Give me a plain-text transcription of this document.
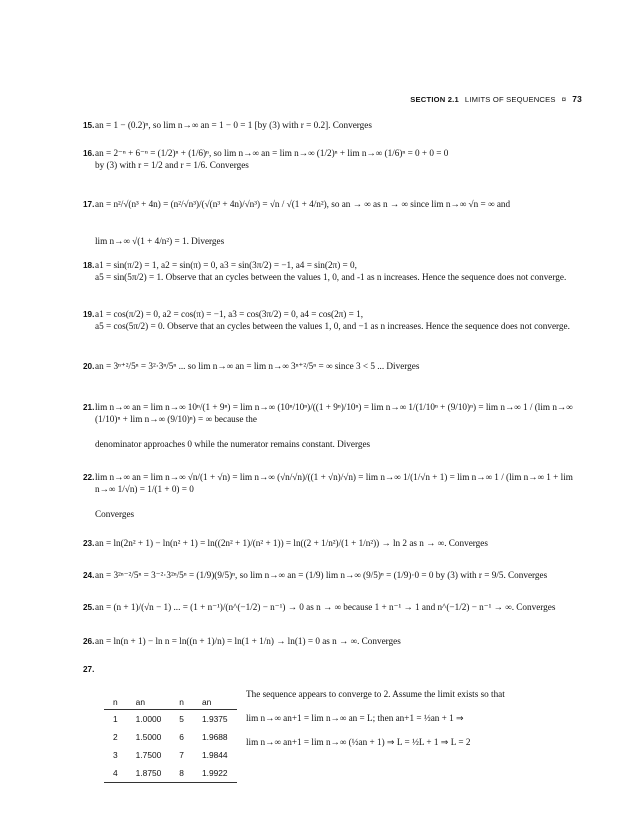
SECTION 2.1 LIMITS OF SEQUENCES ¤ 73
15. an = 1 − (0.2)ⁿ, so lim n→∞ an = 1 − 0 = 1 [by (3) with r = 0.2]. Converges
16. an = 2⁻ⁿ + 6⁻ⁿ = (1/2)ⁿ + (1/6)ⁿ, so lim n→∞ an = lim n→∞ (1/2)ⁿ + lim n→∞ (1/6)ⁿ = 0 + 0 = 0
by (3) with r = 1/2 and r = 1/6. Converges
17. an = n²/√(n³ + 4n) = (n²/√n³)/(√(n³ + 4n)/√n³) = √n / √(1 + 4/n²), so an → ∞ as n → ∞ since lim n→∞ √n = ∞ and
lim n→∞ √(1 + 4/n²) = 1. Diverges
18. a1 = sin(π/2) = 1, a2 = sin(π) = 0, a3 = sin(3π/2) = −1, a4 = sin(2π) = 0,
a5 = sin(5π/2) = 1. Observe that an cycles between the values 1, 0, and -1 as n increases. Hence the sequence does not converge.
19. a1 = cos(π/2) = 0, a2 = cos(π) = −1, a3 = cos(3π/2) = 0, a4 = cos(2π) = 1,
a5 = cos(5π/2) = 0. Observe that an cycles between the values 1, 0, and −1 as n increases. Hence the sequence does not converge.
20. an = 3ⁿ⁺²/5ⁿ = 3²·3ⁿ/5ⁿ ... so lim n→∞ an = lim n→∞ 3ⁿ⁺²/5ⁿ = ∞ since 3 < 5 ... Diverges
21. lim n→∞ an = lim n→∞ 10ⁿ/(1 + 9ⁿ) = lim n→∞ (10ⁿ/10ⁿ)/((1 + 9ⁿ)/10ⁿ) = lim n→∞ 1/(1/10ⁿ + (9/10)ⁿ) = lim n→∞ 1 / (lim n→∞ (1/10)ⁿ + lim n→∞ (9/10)ⁿ) = ∞ because the
denominator approaches 0 while the numerator remains constant. Diverges
22. lim n→∞ an = lim n→∞ √n/(1 + √n) = lim n→∞ (√n/√n)/((1 + √n)/√n) = lim n→∞ 1/(1/√n + 1) = lim n→∞ 1 / (lim n→∞ 1 + lim n→∞ 1/√n) = 1/(1 + 0) = 0
Converges
23. an = ln(2n² + 1) − ln(n² + 1) = ln((2n² + 1)/(n² + 1)) = ln((2 + 1/n²)/(1 + 1/n²)) → ln 2 as n → ∞. Converges
24. an = 3²ⁿ⁻²/5ⁿ = 3⁻²·3²ⁿ/5ⁿ = (1/9)(9/5)ⁿ, so lim n→∞ an = (1/9) lim n→∞ (9/5)ⁿ = (1/9)·0 = 0 by (3) with r = 9/5. Converges
25. an = (n + 1)/(√n − 1) ... = (1 + n⁻¹)/(n^(−1/2) − n⁻¹) → 0 as n → ∞ because 1 + n⁻¹ → 1 and n^(−1/2) − n⁻¹ → ∞. Converges
26. an = ln(n + 1) − ln n = ln((n + 1)/n) = ln(1 + 1/n) → ln(1) = 0 as n → ∞. Converges
27.
n	an	n	an
1	1.0000	5	1.9375
2	1.5000	6	1.9688
3	1.7500	7	1.9844
4	1.8750	8	1.9922
The sequence appears to converge to 2. Assume the limit exists so that
lim n→∞ an+1 = lim n→∞ an = L; then an+1 = ½an + 1 ⇒
lim n→∞ an+1 = lim n→∞ (½an + 1) ⇒ L = ½L + 1 ⇒ L = 2
